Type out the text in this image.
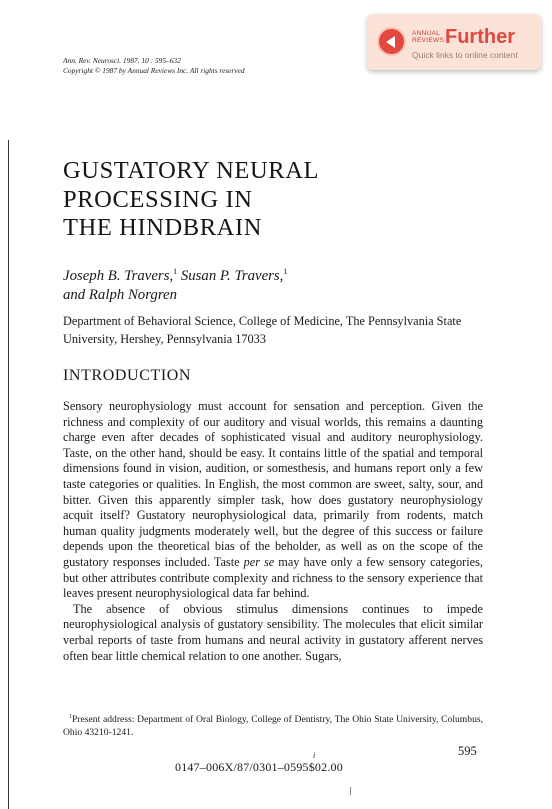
Ann. Rev. Neurosci. 1987. 10 : 595–632
Copyright © 1987 by Annual Reviews Inc. All rights reserved
ANNUAL
REVIEWS Further
Quick links to online content
GUSTATORY NEURAL
PROCESSING IN
THE HINDBRAIN
Joseph B. Travers,$^1$ Susan P. Travers,$^1$
and Ralph Norgren
Department of Behavioral Science, College of Medicine, The Pennsylvania State University, Hershey, Pennsylvania 17033
INTRODUCTION

Sensory neurophysiology must account for sensation and perception. Given the richness and complexity of our auditory and visual worlds, this remains a daunting charge even after decades of sophisticated visual and auditory neurophysiology. Taste, on the other hand, should be easy. It contains little of the spatial and temporal dimensions found in vision, audition, or somesthesis, and humans report only a few taste categories or qualities. In English, the most common are sweet, salty, sour, and bitter. Given this apparently simpler task, how does gustatory neurophysiology acquit itself? Gustatory neurophysiological data, primarily from rodents, match human quality judgments moderately well, but the degree of this success or failure depends upon the theoretical bias of the beholder, as well as on the scope of the gustatory responses included. Taste per se may have only a few sensory categories, but other attributes contribute complexity and richness to the sensory experience that leaves present neurophysiological data far behind.

The absence of obvious stimulus dimensions continues to impede neurophysiological analysis of gustatory sensibility. The molecules that elicit similar verbal reports of taste from humans and neural activity in gustatory afferent nerves often bear little chemical relation to one another. Sugars,

$^1$Present address: Department of Oral Biology, College of Dentistry, The Ohio State University, Columbus, Ohio 43210-1241.
595
i
0147–006X/87/0301–0595$02.00
